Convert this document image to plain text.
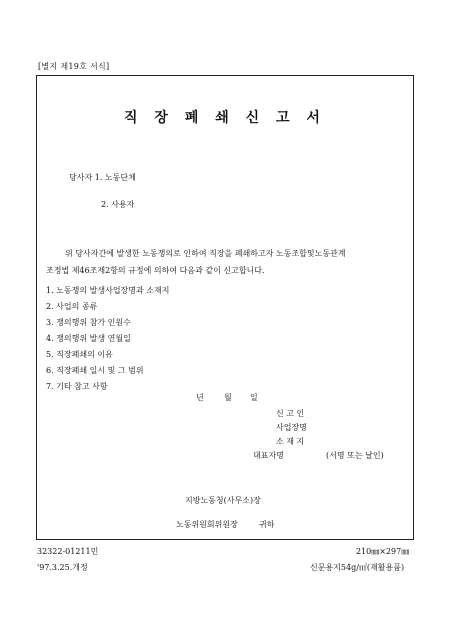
[별지 제19호 서식]
직 장 폐 쇄 신 고 서
당사자 1. 노동단체
2. 사용자
위 당사자간에 발생한 노동쟁의로 인하여 직장을 폐쇄하고자 노동조합및노동관계
조정법 제46조제2항의 규정에 의하여 다음과 같이 신고합니다.
1. 노동쟁의 발생사업장명과 소재지
2. 사업의 종류
3. 쟁의행위 참가 인원수
4. 쟁의행위 발생 연월일
5. 직장폐쇄의 이유
6. 직장폐쇄 일시 및 그 범위
7. 기타 참고 사항
년	월 일
신 고 인
사업장명
소 재 지
대표자명	(서명 또는 날인)
지방노동청(사무소)장
노동위원회위원장	귀하
32322-01211민	210㎜×297㎜
'97.3.25.개정	신문용지54g/㎡(재활용품)
